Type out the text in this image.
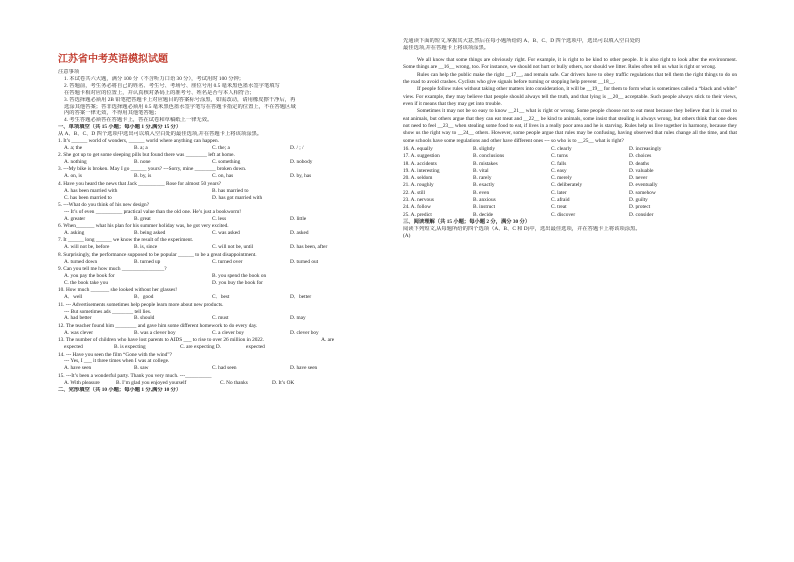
江苏省中考英语模拟试题
注意事项
1. 本试卷共六大题，满分 100 分（不含听力口语 30 分），考试用时 100 分钟；
2. 答题前，考生务必将自己的姓名、考生号、考场号、座位号用 0.5 毫米黑色墨水签字笔填写
在答题卡相对应的位置上，并认真核对条码上的准考号、姓名是否与本人相符合；
3. 答选择题必须用 2B 铅笔把答题卡上对应题目的答案标号涂黑，如需改动，请用橡皮擦干净后，再
选涂其他答案；答非选择题必须用 0.5 毫米黑色墨水签字笔写在答题卡指定的位置上，不在答题区域
内的答案一律无效，不得用其他笔答题；
4. 考生答题必须答在答题卡上，答在试卷和草稿纸上一律无效。
一、单项填空（共 15 小题；每小题 1 分,满分 15 分）
从 A、B、C、D 四个选项中选出可以填入空白处的最佳选项,并在答题卡上将该项涂黑。
1. It’s ______ world of wonders, ______ world where anything can happen.
A. a; the	B. a; a	C. the; a	D. / ; /
2. She got up to get some sleeping pills but found there was ________ left at home.
A. nothing	B. none	C. something	D. nobody
3. ---My bike is broken. May I go ______ yours? ---Sorry, mine ________ broken down.
A. on, is	B. by, is	C. on, has	D. by, has
4. Have you heard the news that Jack __________ Rose for almost 50 years?
A. has been married with	B. has married to
C. has been married to	D. has got married with
5. ---What do you think of his new design?
--- It’s of even __________ practical value than the old one. He’s just a bookworm!
A. greater	B. great	C. less	D. little
6. When_______ what his plan for his summer holiday was, he got very excited.
A. asking	B. being asked	C. was asked	D. asked
7. It ______ long ______ we know the result of the experiment.
A. will not be, before	B. is, since	C. will not be, until	D. has been, after
8. Surprisingly, the performance supposed to be popular ______ to be a great disappointment.
A. turned down	B. turned up	C. turned over	D. turned out
9. Can you tell me how much ________________?
A. you pay the book for	B. you spend the book on
C. the book take you	D. you buy the book for
10. How much _______ she looked without her glasses!
A．well	B．good	C．best	D．better
11. --- Advertisements sometimes help people learn more about new products.
--- But sometimes ads ________ tell lies.
A. had better	B. should	C. must	D. may
12. The teacher found him ________ and gave him some different homework to do every day.
A. was clever	B. was a clever boy	C. a clever boy	D. clever boy
13. The number of children who have lost parents to AIDS ___ to rise to over 26 million in 2022.	A. are
expected	B. is expecting	C. are expecting D.	expected
14. --- Have you seen the film “Gone with the wind”?
--- Yes, I ___ it three times when I was at college.
A. have seen	B. saw	C. had seen	D. have seen
15. ---It’s been a wonderful party. Thank you very much. ---__________
A. With pleasure	B. I’m glad you enjoyed yourself	C. No thanks	D. It’s OK
二、完形填空（共 10 小题；每小题 1 分,满分 10 分）
先通读下面的短文,掌握其大意,然后在每小题所给的 A、B、C、D 四个选项中，选出可以填入空白处的
最佳选项,并在答题卡上将该项涂黑。

We all know that some things are obviously right. For example, it is right to be kind to other people. It is also right to look after the environment. Some things are __16__ wrong, too. For instance, we should not hurt or bully others, nor should we litter. Rules often tell us what is right or wrong.

Rules can help the public make the right __17__, and remain safe. Car drivers have to obey traffic regulations that tell them the right things to do on the road to avoid crashes. Cyclists who give signals before turning or stopping help prevent __18__.

If people follow rules without taking other matters into consideration, it will be __19__ for them to form what is sometimes called a “black and white” view. For example, they may believe that people should always tell the truth, and that lying is __20__ acceptable. Such people always stick to their views, even if it means that they may get into trouble.

Sometimes it may not be so easy to know __21__ what is right or wrong. Some people choose not to eat meat because they believe that it is cruel to eat animals, but others argue that they can eat meat and __22__ be kind to animals, some insist that stealing is always wrong, but others think that one does not need to feel __23__ when stealing some food to eat, if lives in a really poor area and he is starving. Rules help us live together in harmony, because they show us the right way to __24__ others. However, some people argue that rules may be confusing, having observed that rules change all the time, and that some schools have some regulations and other have different ones --- so who is to __25__ what is right?

16. A. equally	B. slightly	C. clearly	D. increasingly
17. A. suggestion	B. conclusions	C. turns	D. choices
18. A. accidents	B. mistakes	C. falls	D. deaths
19. A. interesting	B. vital	C. easy	D. valuable
20. A. seldom	B. rarely	C. merely	D. never
21. A. roughly	B. exactly	C. deliberately	D. eventually
22. A. still	B. even	C. later	D. somehow
23. A. nervous	B. anxious	C. afraid	D. guilty
24. A. follow	B. instruct	C. treat	D. protect
25. A. predict	B. decide	C. discover	D. consider
三、阅读理解（共 15 小题；每小题 2 分，满分 30 分）
阅读下列短文,从每题所给的四个选项（A、B、C 和 D)中，选出最佳选项，并在答题卡上将该项涂黑。
(A)
